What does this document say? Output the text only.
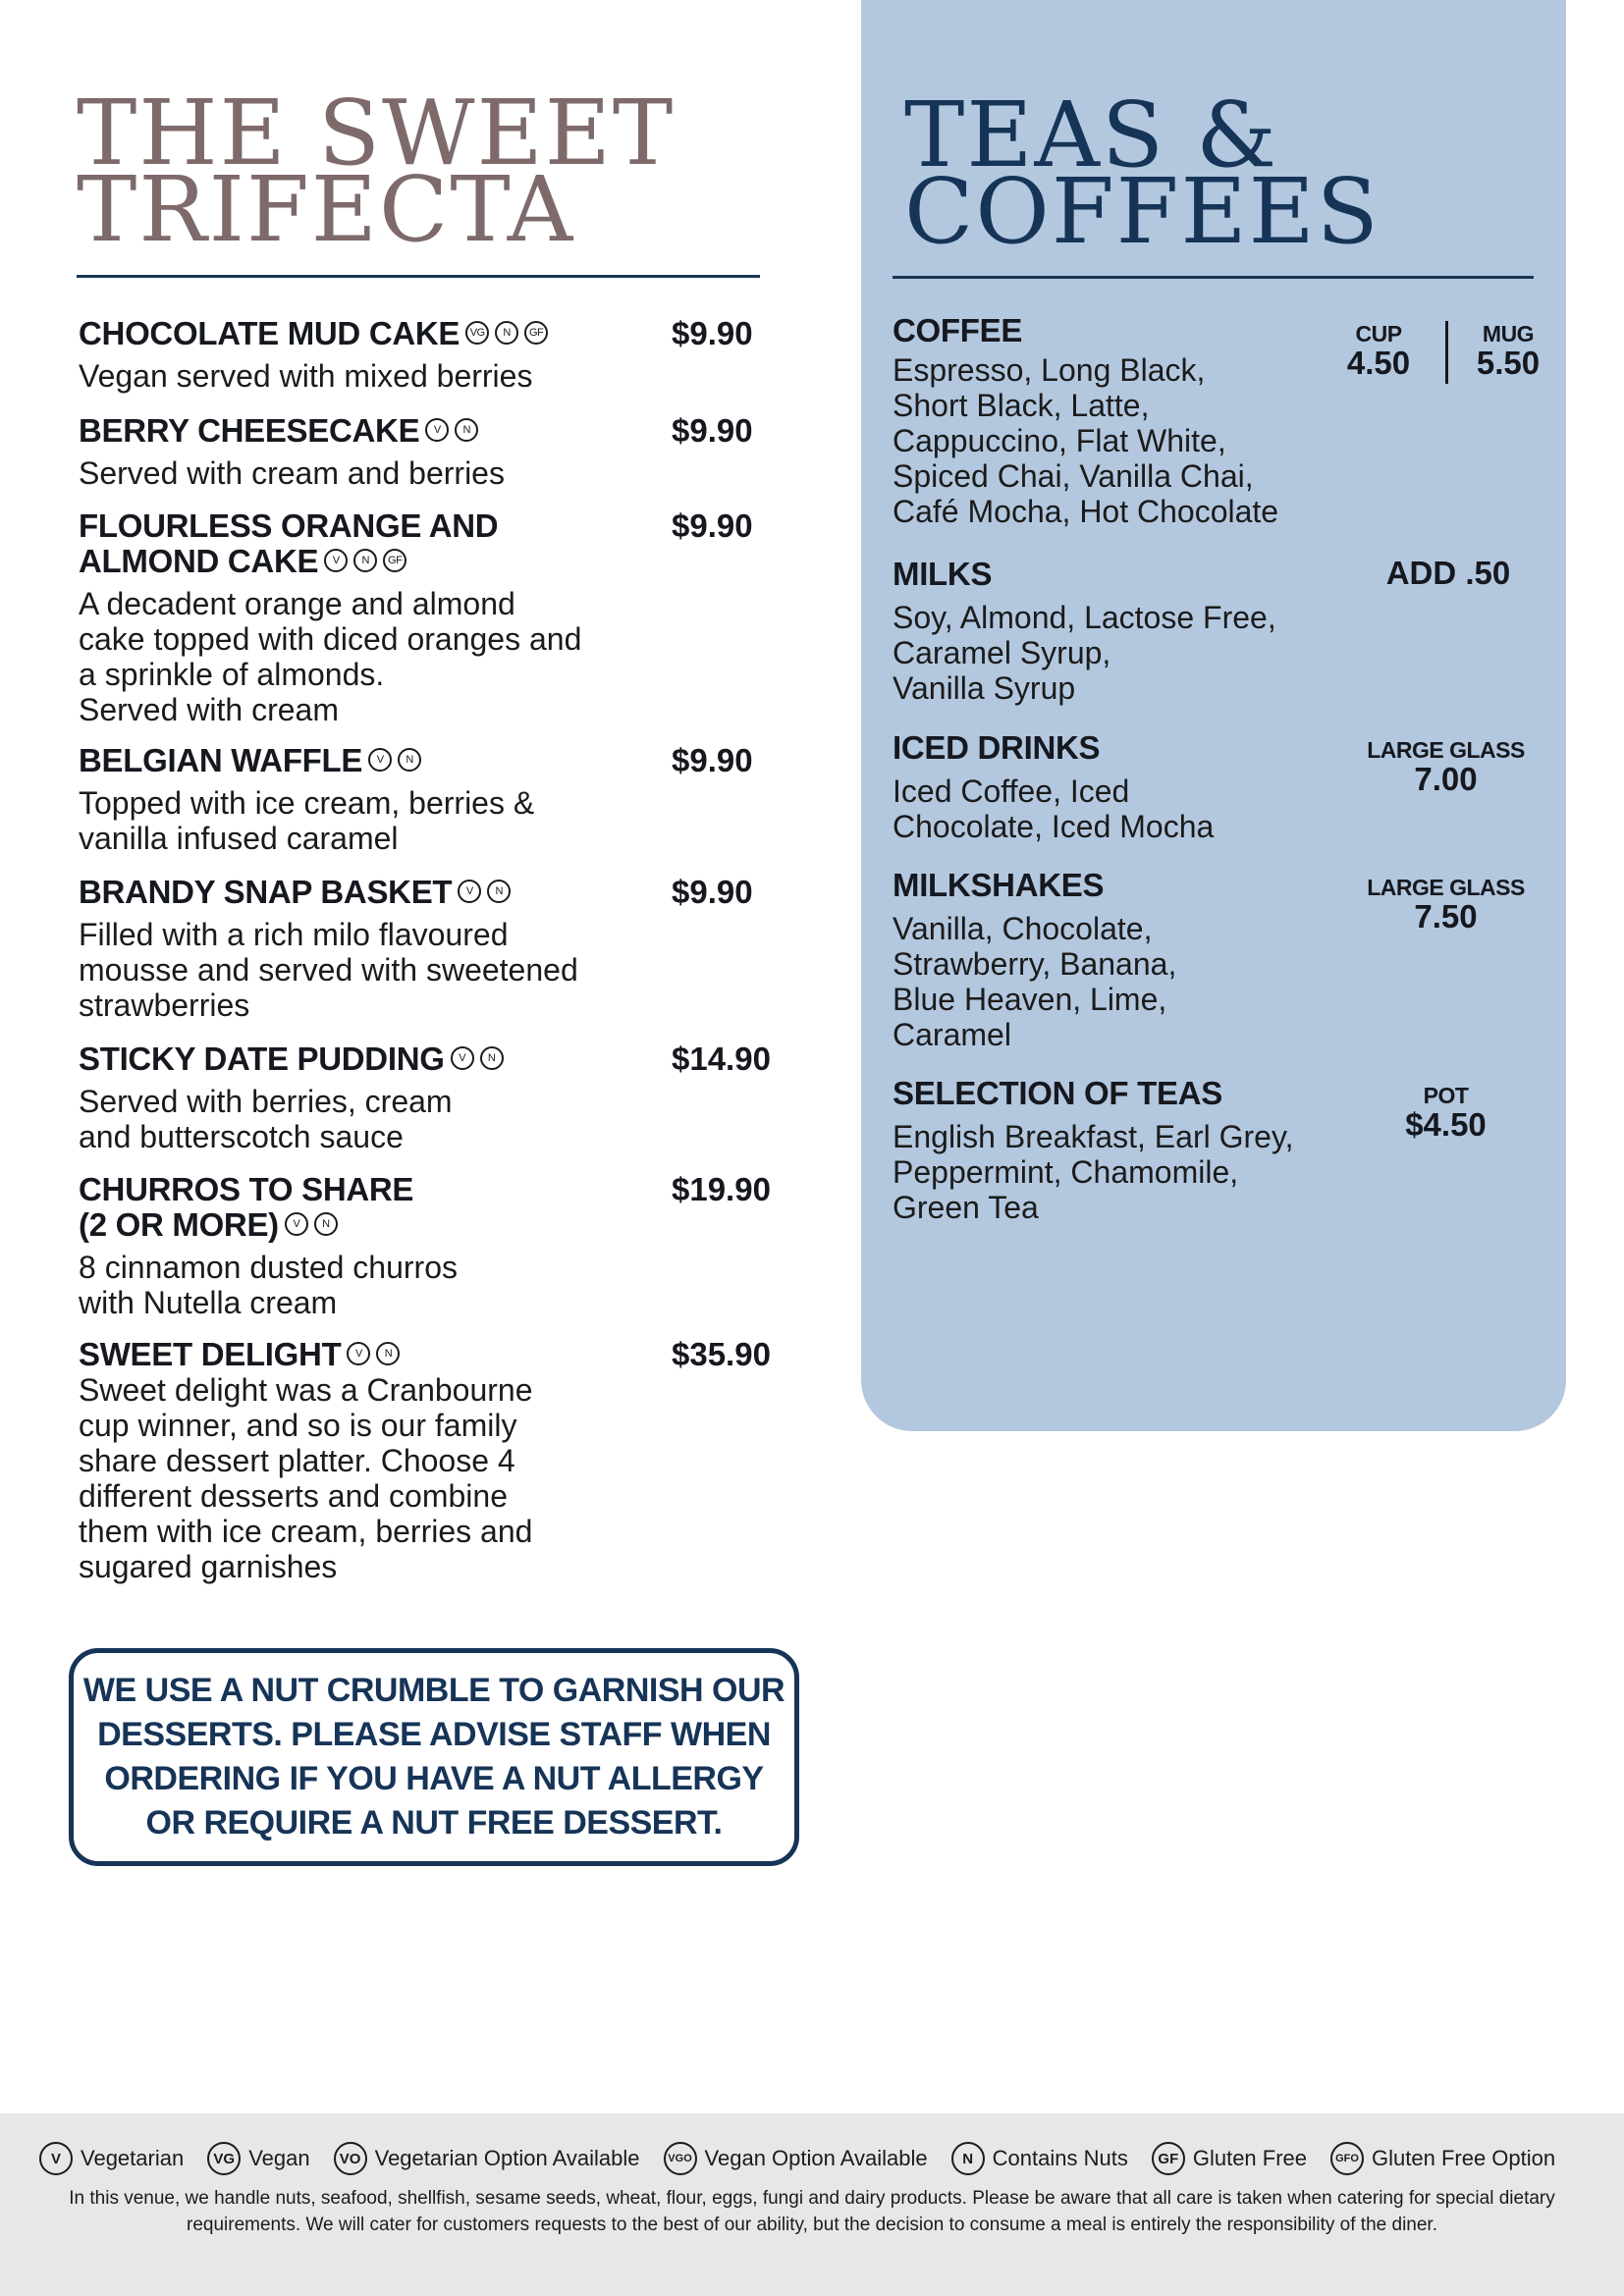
THE SWEET
TRIFECTA
TEAS &
COFFEES
CHOCOLATE MUD CAKE VG	N	GF	$9.90
Vegan served with mixed berries
BERRY CHEESECAKE	V	N	$9.90
Served with cream and berries
FLOURLESS ORANGE AND
ALMOND CAKE	V	N	GF
$9.90
A decadent orange and almond
cake topped with diced oranges and
a sprinkle of almonds.
Served with cream
BELGIAN WAFFLE	V	N	$9.90
Topped with ice cream, berries &
vanilla infused caramel
BRANDY SNAP BASKET	V	N	$9.90
Filled with a rich milo flavoured
mousse and served with sweetened
strawberries
STICKY DATE PUDDING	V	N	$14.90
Served with berries, cream
and butterscotch sauce
CHURROS TO SHARE
(2 OR MORE)	V	N
$19.90
8 cinnamon dusted churros
with Nutella cream
SWEET DELIGHT	V	N	$35.90
Sweet delight was a Cranbourne
cup winner, and so is our family
share dessert platter. Choose 4
different desserts and combine
them with ice cream, berries and
sugared garnishes

WE USE A NUT CRUMBLE TO GARNISH OUR DESSERTS. PLEASE ADVISE STAFF WHEN ORDERING IF YOU HAVE A NUT ALLERGY OR REQUIRE A NUT FREE DESSERT.

COFFEE
Espresso, Long Black,
Short Black, Latte,
Cappuccino, Flat White,
Spiced Chai, Vanilla Chai,
Café Mocha, Hot Chocolate
CUP
4.50
MUG
5.50
MILKS
Soy, Almond, Lactose Free,
Caramel Syrup,
Vanilla Syrup
ADD .50
ICED DRINKS
Iced Coffee, Iced
Chocolate, Iced Mocha
LARGE GLASS
7.00
MILKSHAKES
Vanilla, Chocolate,
Strawberry, Banana,
Blue Heaven, Lime,
Caramel
LARGE GLASS
7.50
SELECTION OF TEAS
English Breakfast, Earl Grey,
Peppermint, Chamomile,
Green Tea
POT
$4.50
V Vegetarian	VG Vegan	VO Vegetarian Option Available	VGO Vegan Option Available	N Contains Nuts	GF Gluten Free	GFO Gluten Free Option
In this venue, we handle nuts, seafood, shellfish, sesame seeds, wheat, flour, eggs, fungi and dairy products. Please be aware that all care is taken when catering for special dietary requirements. We will cater for customers requests to the best of our ability, but the decision to consume a meal is entirely the responsibility of the diner.
